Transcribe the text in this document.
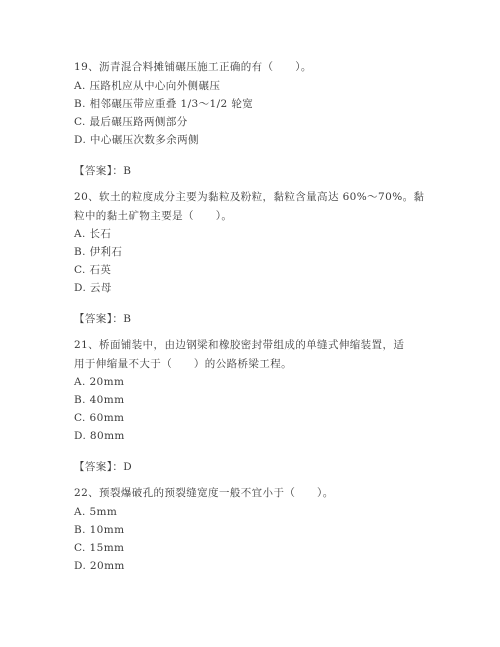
19、沥青混合料摊铺碾压施工正确的有（　　）。
A. 压路机应从中心向外侧碾压
B. 相邻碾压带应重叠 1/3～1/2 轮宽
C. 最后碾压路两侧部分
D. 中心碾压次数多余两侧
【答案】：B
20、软土的粒度成分主要为黏粒及粉粒，黏粒含量高达 60%～70%。黏
粒中的黏土矿物主要是（　　）。
A. 长石
B. 伊利石
C. 石英
D. 云母
【答案】：B
21、桥面铺装中，由边钢梁和橡胶密封带组成的单缝式伸缩装置，适
用于伸缩量不大于（　　）的公路桥梁工程。
A. 20mm
B. 40mm
C. 60mm
D. 80mm
【答案】：D
22、预裂爆破孔的预裂缝宽度一般不宜小于（　　）。
A. 5mm
B. 10mm
C. 15mm
D. 20mm
